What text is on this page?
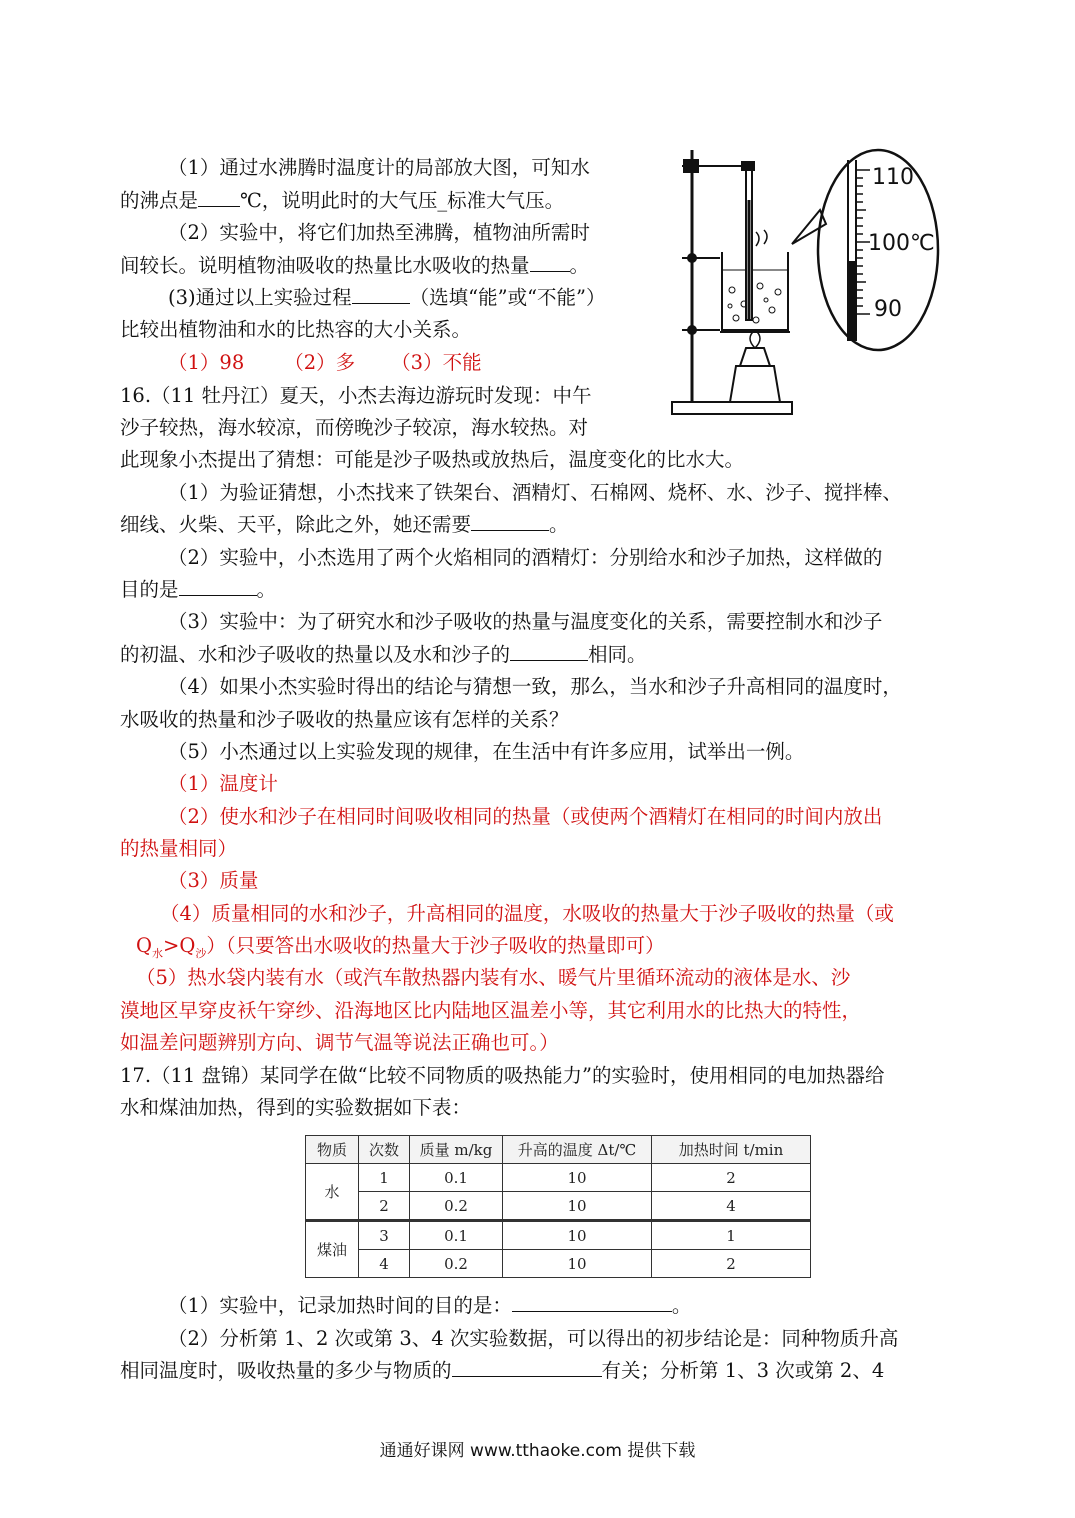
（1）通过水沸腾时温度计的局部放大图，可知水
的沸点是 ℃，说明此时的大气压_标准大气压。
（2）实验中，将它们加热至沸腾，植物油所需时
间较长。说明植物油吸收的热量比水吸收的热量 。
(3)通过以上实验过程	（选填“能”或“不能”）
比较出植物油和水的比热容的大小关系。
（1）98 （2）多 （3）不能
110
100℃
90
16.（11 牡丹江）夏天，小杰去海边游玩时发现：中午
沙子较热，海水较凉，而傍晚沙子较凉，海水较热。对
此现象小杰提出了猜想：可能是沙子吸热或放热后，温度变化的比水大。
（1）为验证猜想，小杰找来了铁架台、酒精灯、石棉网、烧杯、水、沙子、搅拌棒、
细线、火柴、天平，除此之外，她还需要	。
（2）实验中，小杰选用了两个火焰相同的酒精灯：分别给水和沙子加热，这样做的
目的是	。
（3）实验中：为了研究水和沙子吸收的热量与温度变化的关系，需要控制水和沙子
的初温、水和沙子吸收的热量以及水和沙子的	相同。
（4）如果小杰实验时得出的结论与猜想一致，那么，当水和沙子升高相同的温度时，
水吸收的热量和沙子吸收的热量应该有怎样的关系？
（5）小杰通过以上实验发现的规律，在生活中有许多应用，试举出一例。
（1）温度计
（2）使水和沙子在相同时间吸收相同的热量（或使两个酒精灯在相同的时间内放出
的热量相同）
（3）质量
（4）质量相同的水和沙子，升高相同的温度，水吸收的热量大于沙子吸收的热量（或
$Q_水>Q_沙$）（只要答出水吸收的热量大于沙子吸收的热量即可）
（5）热水袋内装有水（或汽车散热器内装有水、暖气片里循环流动的液体是水、沙
漠地区早穿皮袄午穿纱、沿海地区比内陆地区温差小等，其它利用水的比热大的特性，
如温差问题辨别方向、调节气温等说法正确也可。）
17.（11 盘锦）某同学在做“比较不同物质的吸热能力”的实验时，使用相同的电加热器给
水和煤油加热，得到的实验数据如下表：
物质	次数	质量 m/kg	升高的温度 Δt/℃	加热时间 t/min
水	1	0.1	10	2
	2	0.2	10	4
煤油	3	0.1	10	1
	4	0.2	10	2
（1）实验中，记录加热时间的目的是：	。
（2）分析第 1、2 次或第 3、4 次实验数据，可以得出的初步结论是：同种物质升高
相同温度时，吸收热量的多少与物质的	有关；分析第 1、3 次或第 2、4
通通好课网 www.tthaoke.com 提供下载
